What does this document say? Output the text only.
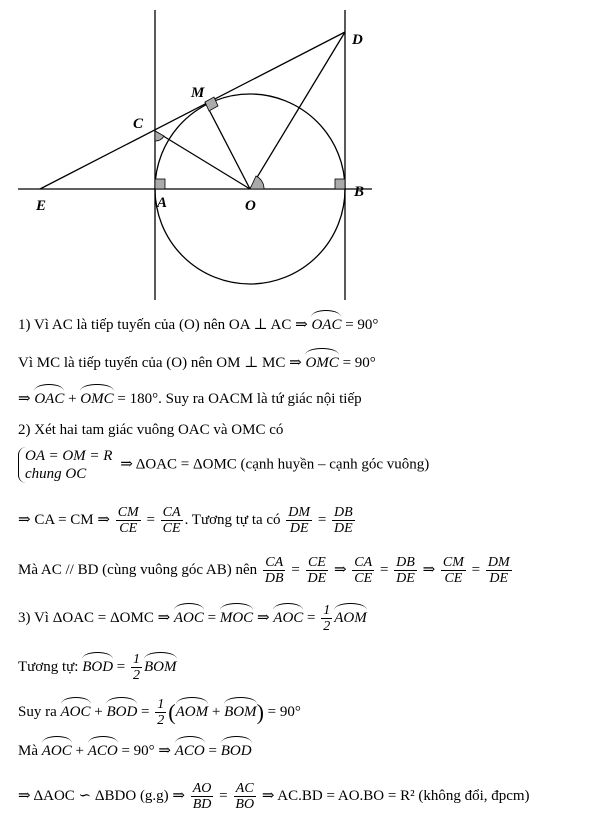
D
M
C
E	A	O
B
1) Vì AC là tiếp tuyến của (O) nên OA ⊥ AC ⇒ OAC = 90°
Vì MC là tiếp tuyến của (O) nên OM ⊥ MC ⇒ OMC = 90°
⇒ OAC + OMC = 180°. Suy ra OACM là tứ giác nội tiếp
2) Xét hai tam giác vuông OAC và OMC có
OA = OM = R
chung OC
⇒ ΔOAC = ΔOMC (cạnh huyền – cạnh góc vuông)
⇒ CA = CM ⇒ $\frac{CM}{CE} = \frac{CA}{CE}$ . Tương tự ta có $\frac{DM}{DE} = \frac{DB}{DE}$
Mà AC // BD (cùng vuông góc AB) nên $\frac{CA}{DB} = \frac{CE}{DE}$ ⇒ $\frac{CA}{CE} = \frac{DB}{DE}$ ⇒ $\frac{CM}{CE} = \frac{DM}{DE}$
3) Vì ΔOAC = ΔOMC ⇒ AOC = MOC ⇒ AOC = $\frac{1}{2}$ AOM
Tương tự: BOD = $\frac{1}{2}$ BOM
Suy ra AOC + BOD = $\frac{1}{2} (AOM + BOM) = 90^\circ$
Mà AOC + ACO = 90° ⇒ ACO = BOD
⇒ ΔAOC ∽ ΔBDO (g.g) ⇒ $\frac{AO}{BD} = \frac{AC}{BO}$ ⇒ AC.BD = AO.BO = R² (không đổi, đpcm)
